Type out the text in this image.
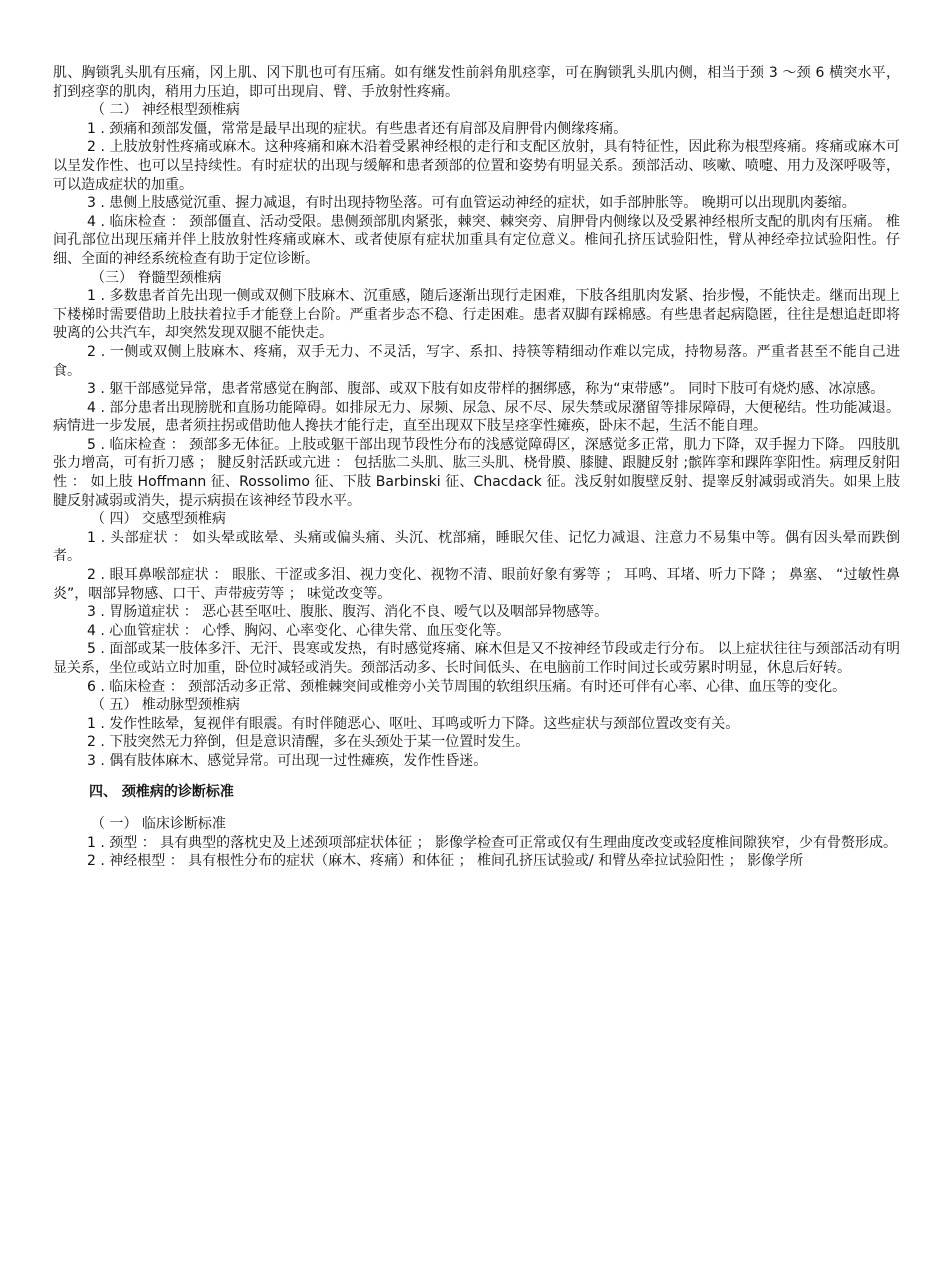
肌、胸锁乳头肌有压痛，冈上肌、冈下肌也可有压痛。如有继发性前斜角肌痉挛，可在胸锁乳头肌内侧，相当于颈 3 ～颈 6 横突水平，扪到痉挛的肌肉，稍用力压迫，即可出现肩、臂、手放射性疼痛。

（ 二） 神经根型颈椎病

1 . 颈痛和颈部发僵，常常是最早出现的症状。有些患者还有肩部及肩胛骨内侧缘疼痛。

2 . 上肢放射性疼痛或麻木。这种疼痛和麻木沿着受累神经根的走行和支配区放射，具有特征性，因此称为根型疼痛。疼痛或麻木可以呈发作性、也可以呈持续性。有时症状的出现与缓解和患者颈部的位置和姿势有明显关系。颈部活动、咳嗽、喷嚏、用力及深呼吸等，可以造成症状的加重。

3 . 患侧上肢感觉沉重、握力减退，有时出现持物坠落。可有血管运动神经的症状，如手部肿胀等。 晚期可以出现肌肉萎缩。

4 . 临床检查 ： 颈部僵直、活动受限。患侧颈部肌肉紧张，棘突、棘突旁、肩胛骨内侧缘以及受累神经根所支配的肌肉有压痛。 椎间孔部位出现压痛并伴上肢放射性疼痛或麻木、或者使原有症状加重具有定位意义。椎间孔挤压试验阳性，臂从神经牵拉试验阳性。仔细、全面的神经系统检查有助于定位诊断。

（三） 脊髓型颈椎病

1 . 多数患者首先出现一侧或双侧下肢麻木、沉重感，随后逐渐出现行走困难，下肢各组肌肉发紧、抬步慢，不能快走。继而出现上下楼梯时需要借助上肢扶着拉手才能登上台阶。严重者步态不稳、行走困难。患者双脚有踩棉感。有些患者起病隐匿，往往是想追赶即将驶离的公共汽车，却突然发现双腿不能快走。

2 . 一侧或双侧上肢麻木、疼痛，双手无力、不灵活，写字、系扣、持筷等精细动作难以完成，持物易落。严重者甚至不能自己进食。

3 . 躯干部感觉异常，患者常感觉在胸部、腹部、或双下肢有如皮带样的捆绑感，称为“束带感”。 同时下肢可有烧灼感、冰凉感。

4 . 部分患者出现膀胱和直肠功能障碍。如排尿无力、尿频、尿急、尿不尽、尿失禁或尿潴留等排尿障碍，大便秘结。性功能减退。病情进一步发展，患者须拄拐或借助他人搀扶才能行走，直至出现双下肢呈痉挛性瘫痪，卧床不起，生活不能自理。

5 . 临床检查 ： 颈部多无体征。上肢或躯干部出现节段性分布的浅感觉障碍区，深感觉多正常，肌力下降，双手握力下降。 四肢肌张力增高，可有折刀感 ； 腱反射活跃或亢进 ： 包括肱二头肌、肱三头肌、桡骨膜、膝腱、跟腱反射 ;髌阵挛和踝阵挛阳性。病理反射阳性 ： 如上肢 Hoffmann 征、Rossolimo 征、下肢 Barbinski 征、Chacdack 征。浅反射如腹壁反射、提睾反射减弱或消失。如果上肢腱反射减弱或消失，提示病损在该神经节段水平。

（ 四） 交感型颈椎病

1 . 头部症状 ： 如头晕或眩晕、头痛或偏头痛、头沉、枕部痛，睡眠欠佳、记忆力减退、注意力不易集中等。偶有因头晕而跌倒者。

2 . 眼耳鼻喉部症状 ： 眼胀、干涩或多泪、视力变化、视物不清、眼前好象有雾等 ； 耳鸣、耳堵、听力下降 ； 鼻塞、 “过敏性鼻炎”，咽部异物感、口干、声带疲劳等 ； 味觉改变等。

3 . 胃肠道症状 ： 恶心甚至呕吐、腹胀、腹泻、消化不良、嗳气以及咽部异物感等。

4 . 心血管症状 ： 心悸、胸闷、心率变化、心律失常、血压变化等。

5 . 面部或某一肢体多汗、无汗、畏寒或发热，有时感觉疼痛、麻木但是又不按神经节段或走行分布。 以上症状往往与颈部活动有明显关系，坐位或站立时加重，卧位时减轻或消失。颈部活动多、长时间低头、在电脑前工作时间过长或劳累时明显，休息后好转。

6 . 临床检查 ： 颈部活动多正常、颈椎棘突间或椎旁小关节周围的软组织压痛。有时还可伴有心率、心律、血压等的变化。

（ 五） 椎动脉型颈椎病

1 . 发作性眩晕，复视伴有眼震。有时伴随恶心、呕吐、耳鸣或听力下降。这些症状与颈部位置改变有关。

2 . 下肢突然无力猝倒，但是意识清醒，多在头颈处于某一位置时发生。

3 . 偶有肢体麻木、感觉异常。可出现一过性瘫痪，发作性昏迷。

四、 颈椎病的诊断标准

（ 一） 临床诊断标准

1 . 颈型 ： 具有典型的落枕史及上述颈项部症状体征 ； 影像学检查可正常或仅有生理曲度改变或轻度椎间隙狭窄，少有骨赘形成。

2 . 神经根型 ： 具有根性分布的症状（麻木、疼痛）和体征 ； 椎间孔挤压试验或/ 和臂丛牵拉试验阳性 ； 影像学所
